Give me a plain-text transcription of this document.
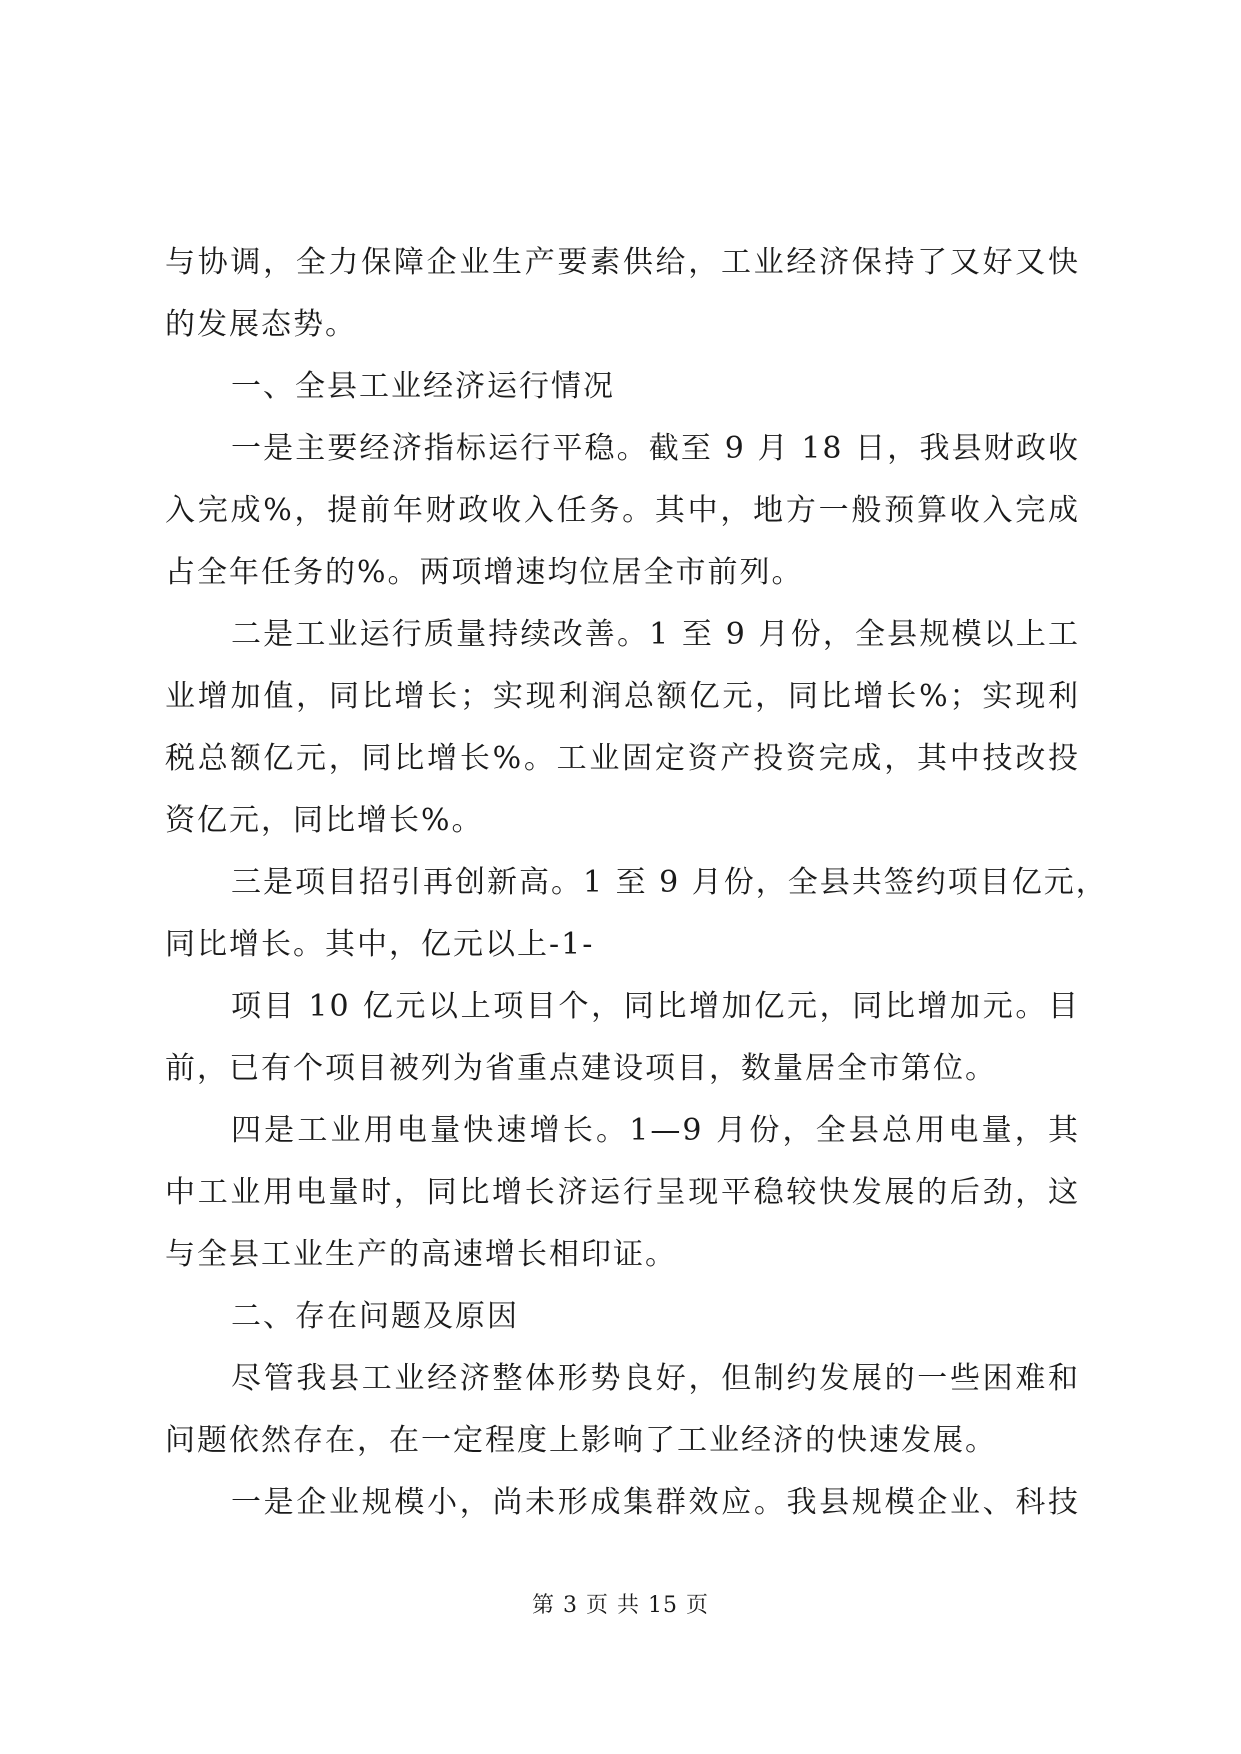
与协调，全力保障企业生产要素供给，工业经济保持了又好又快
的发展态势。
一、全县工业经济运行情况
一是主要经济指标运行平稳。截至 9 月 18 日，我县财政收
入完成%，提前年财政收入任务。其中，地方一般预算收入完成
占全年任务的%。两项增速均位居全市前列。
二是工业运行质量持续改善。1 至 9 月份，全县规模以上工
业增加值，同比增长；实现利润总额亿元，同比增长%；实现利
税总额亿元，同比增长%。工业固定资产投资完成，其中技改投
资亿元，同比增长%。
三是项目招引再创新高。1 至 9 月份，全县共签约项目亿元，
同比增长。其中，亿元以上-1-
项目 10 亿元以上项目个，同比增加亿元，同比增加元。目
前，已有个项目被列为省重点建设项目，数量居全市第位。
四是工业用电量快速增长。1—9 月份，全县总用电量，其
中工业用电量时，同比增长济运行呈现平稳较快发展的后劲，这
与全县工业生产的高速增长相印证。
二、存在问题及原因
尽管我县工业经济整体形势良好，但制约发展的一些困难和
问题依然存在，在一定程度上影响了工业经济的快速发展。
一是企业规模小，尚未形成集群效应。我县规模企业、科技
第 3 页 共 15 页
